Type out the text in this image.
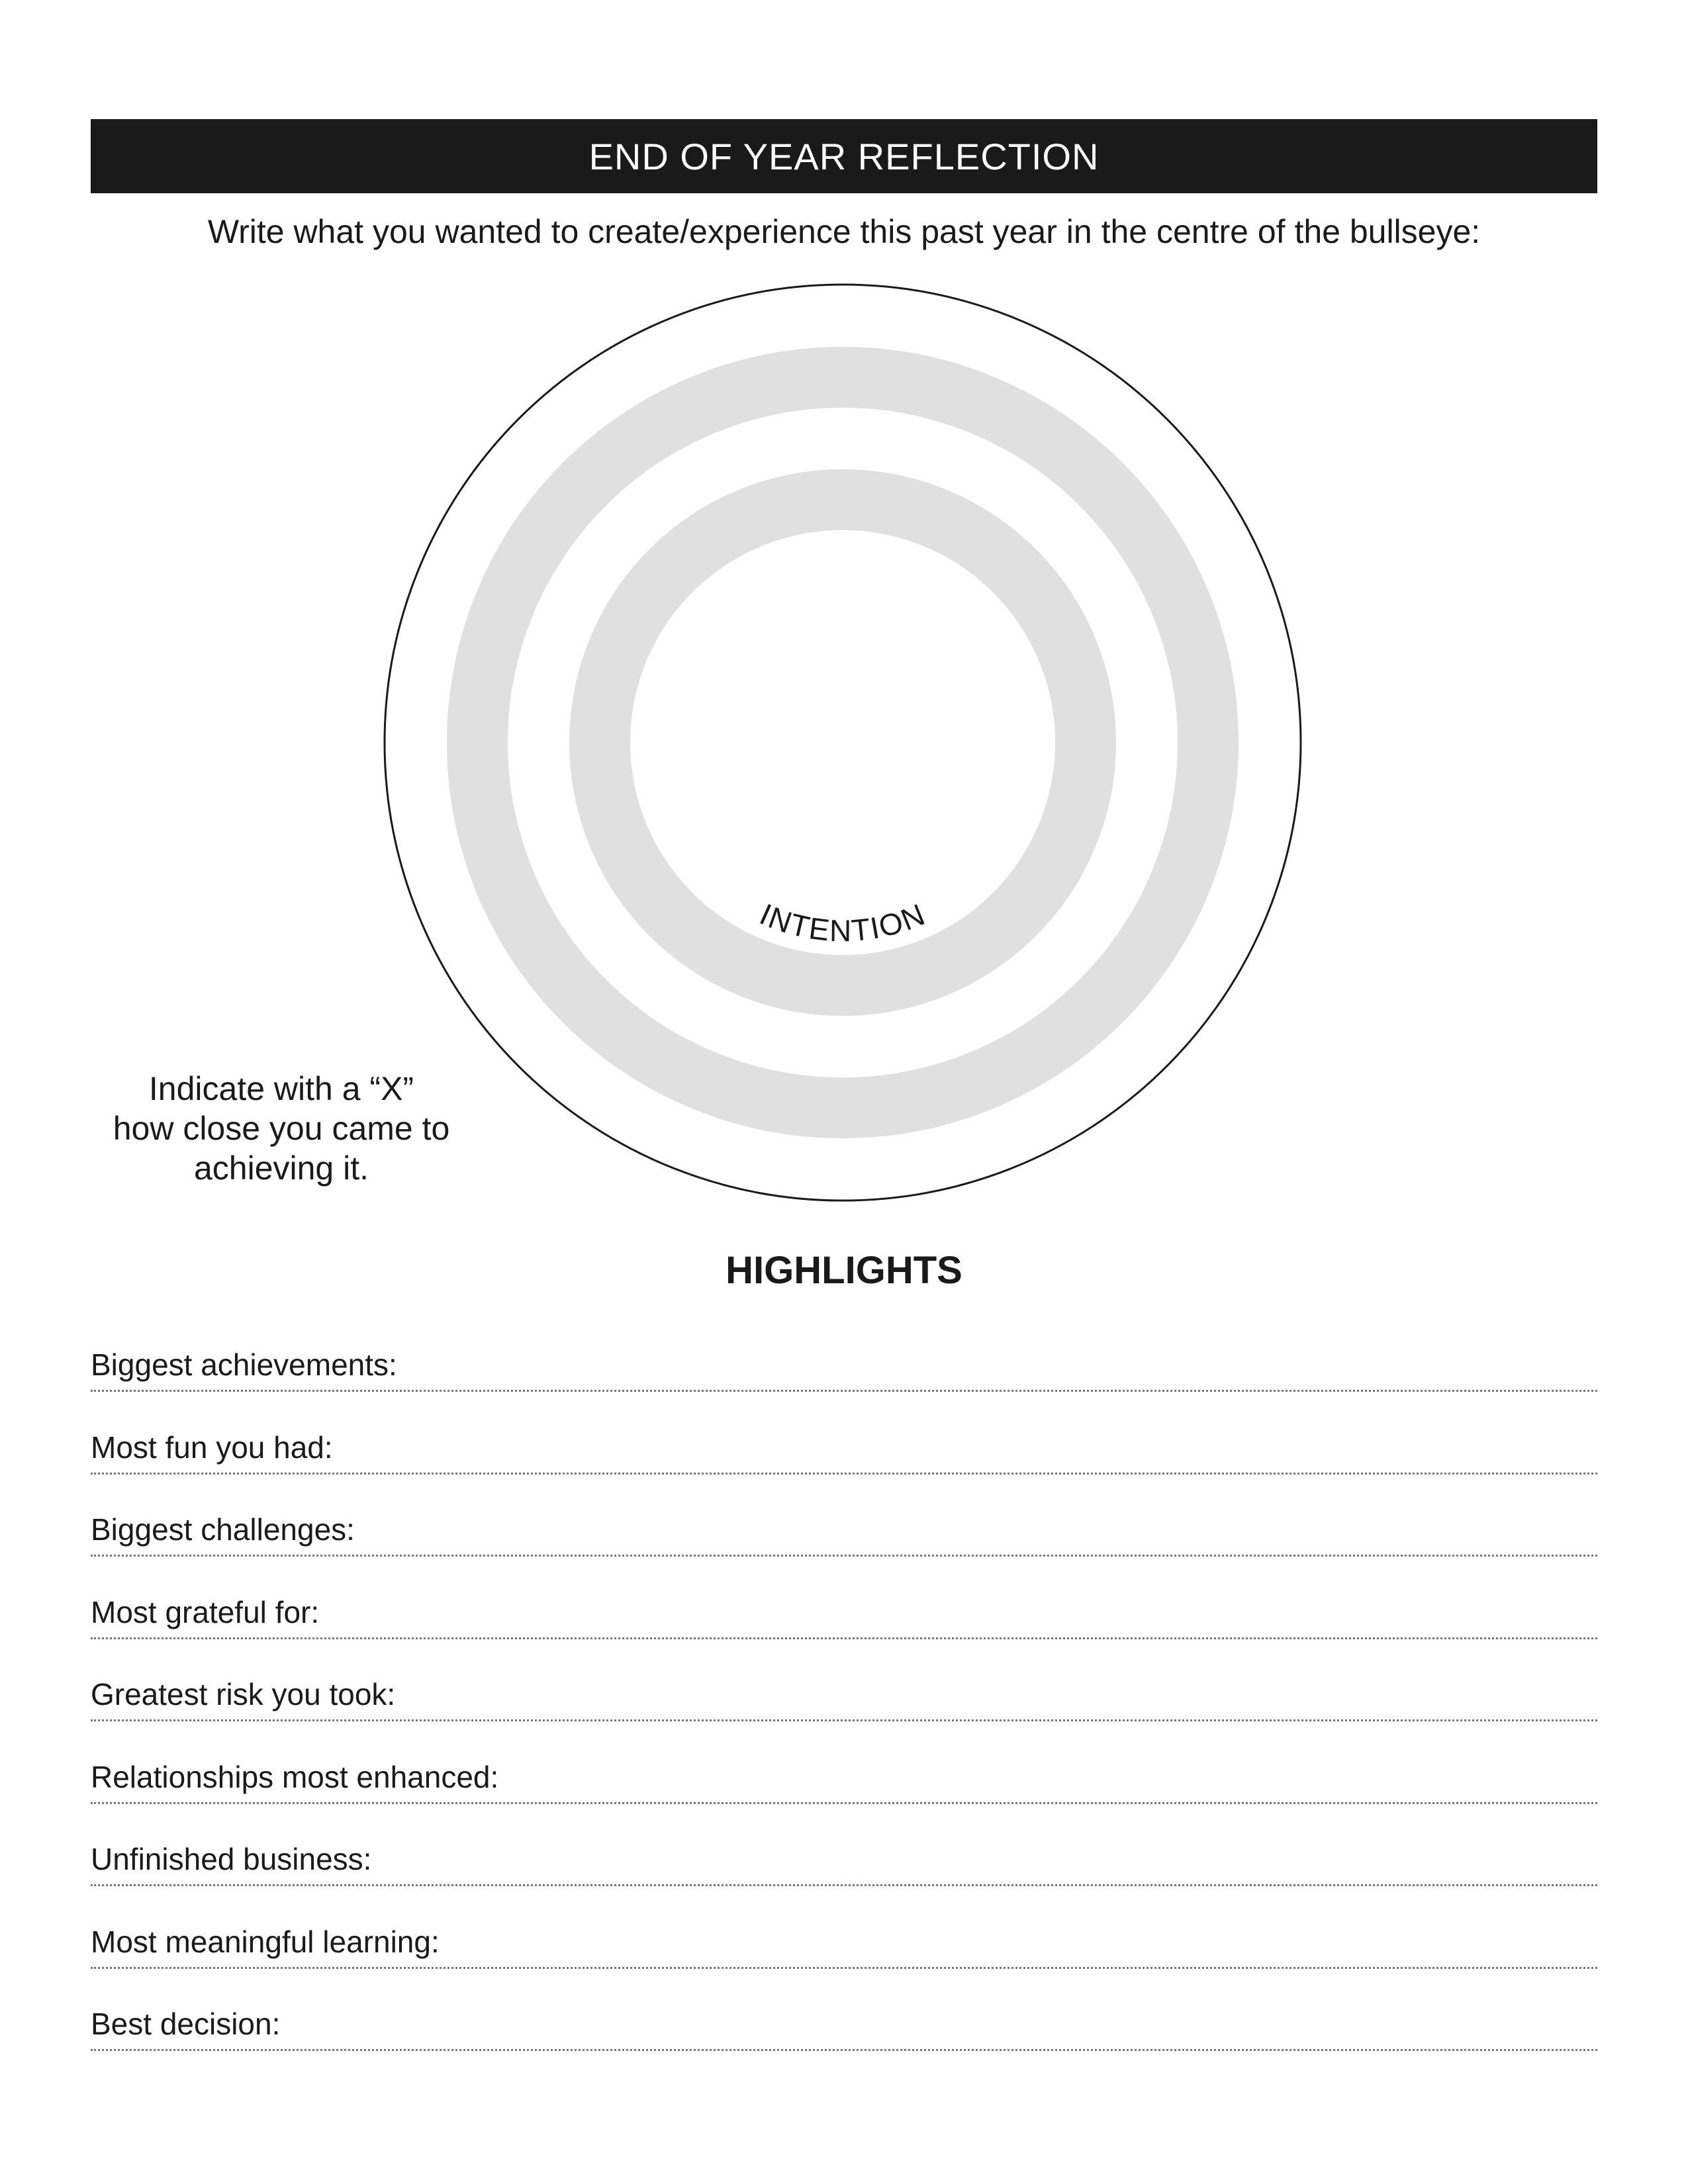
END OF YEAR REFLECTION
Write what you wanted to create/experience this past year in the centre of the bullseye:
INTENTION
Indicate with a “X”
how close you came to
achieving it.
HIGHLIGHTS
Biggest achievements:
Most fun you had:
Biggest challenges:
Most grateful for:
Greatest risk you took:
Relationships most enhanced:
Unfinished business:
Most meaningful learning:
Best decision:
